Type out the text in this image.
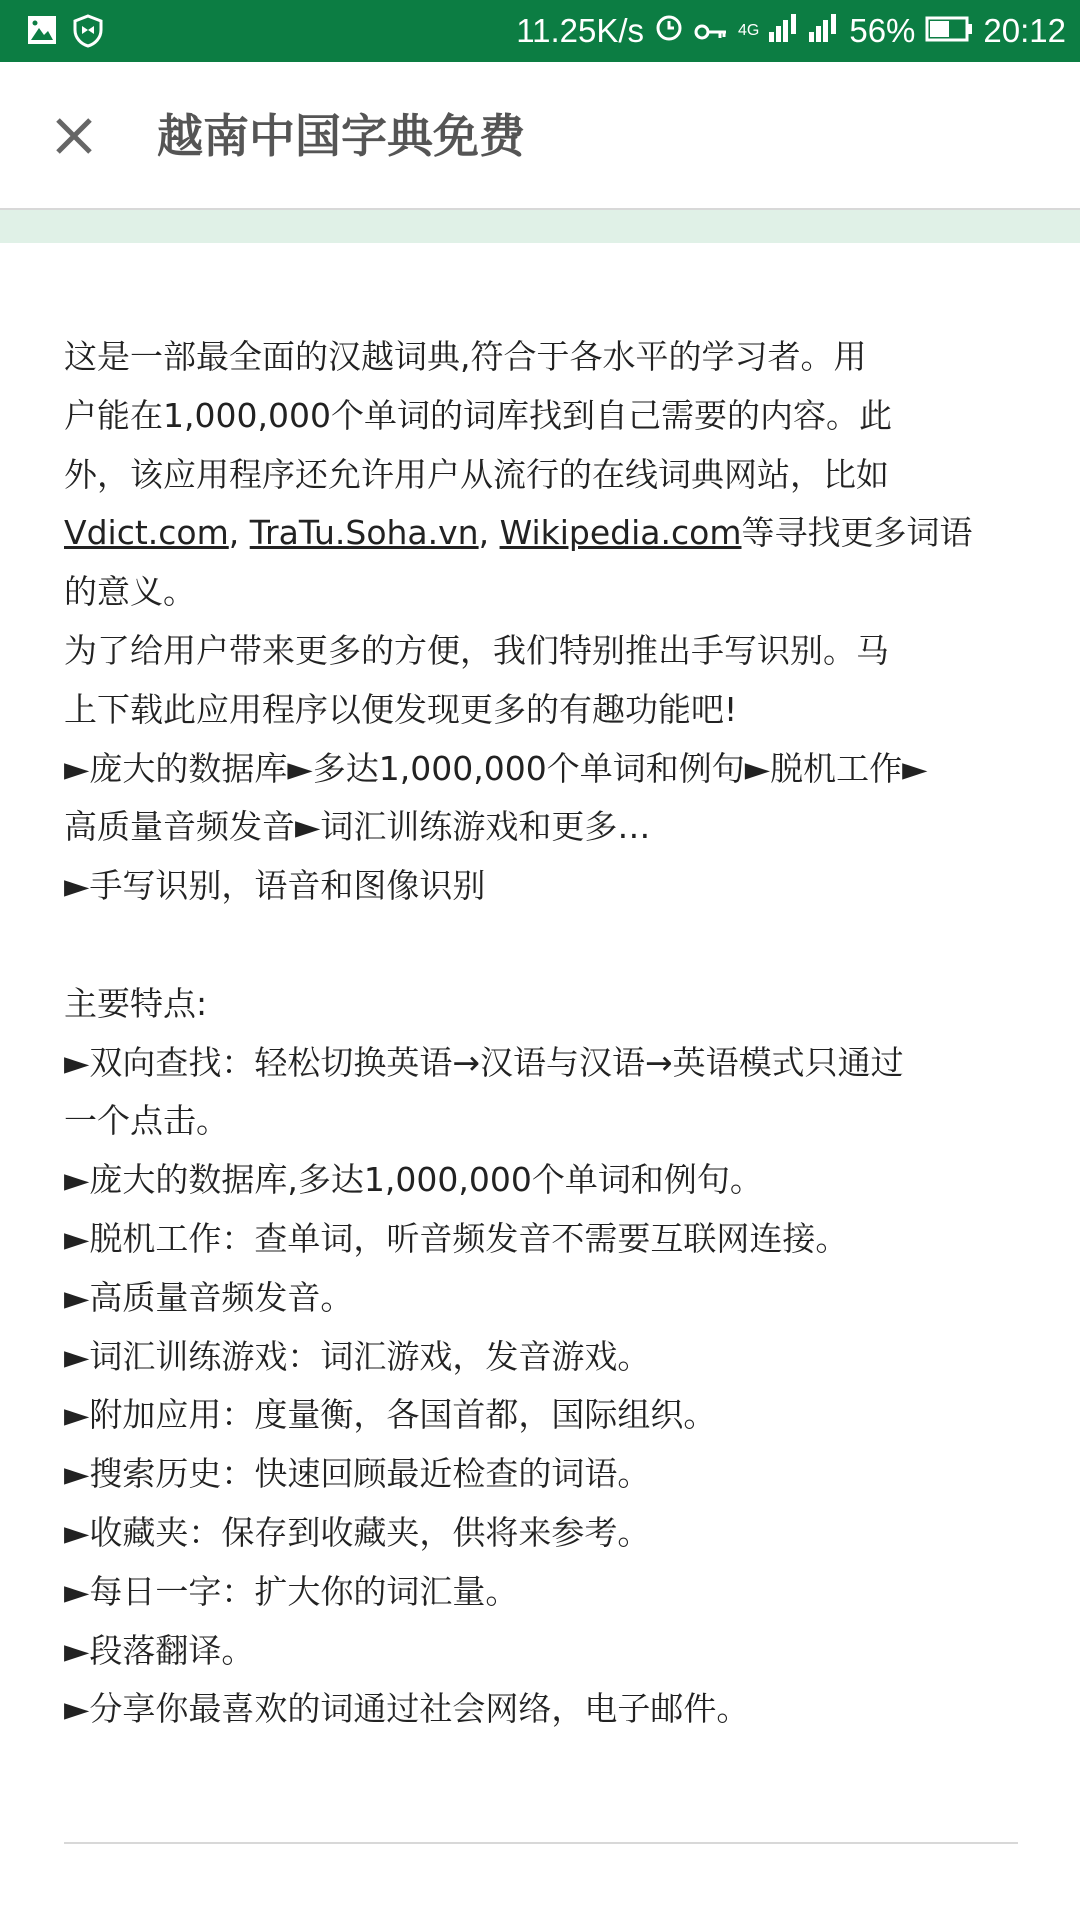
11.25K/s	4G	56% 20:12
越南中国字典免费
这是一部最全面的汉越词典,符合于各水平的学习者。用
户能在1,000,000个单词的词库找到自己需要的内容。此
外，该应用程序还允许用户从流行的在线词典网站，比如
Vdict.com, TraTu.Soha.vn, Wikipedia.com等寻找更多词语
的意义。
为了给用户带来更多的方便，我们特别推出手写识别。马
上下载此应用程序以便发现更多的有趣功能吧!
►庞大的数据库►多达1,000,000个单词和例句►脱机工作►
高质量音频发音►词汇训练游戏和更多…
►手写识别，语音和图像识别
主要特点:
►双向查找：轻松切换英语→汉语与汉语→英语模式只通过
一个点击。
►庞大的数据库,多达1,000,000个单词和例句。
►脱机工作：查单词，听音频发音不需要互联网连接。
►高质量音频发音。
►词汇训练游戏：词汇游戏，发音游戏。
►附加应用：度量衡，各国首都，国际组织。
►搜索历史：快速回顾最近检查的词语。
►收藏夹：保存到收藏夹，供将来参考。
►每日一字：扩大你的词汇量。
►段落翻译。
►分享你最喜欢的词通过社会网络，电子邮件。
